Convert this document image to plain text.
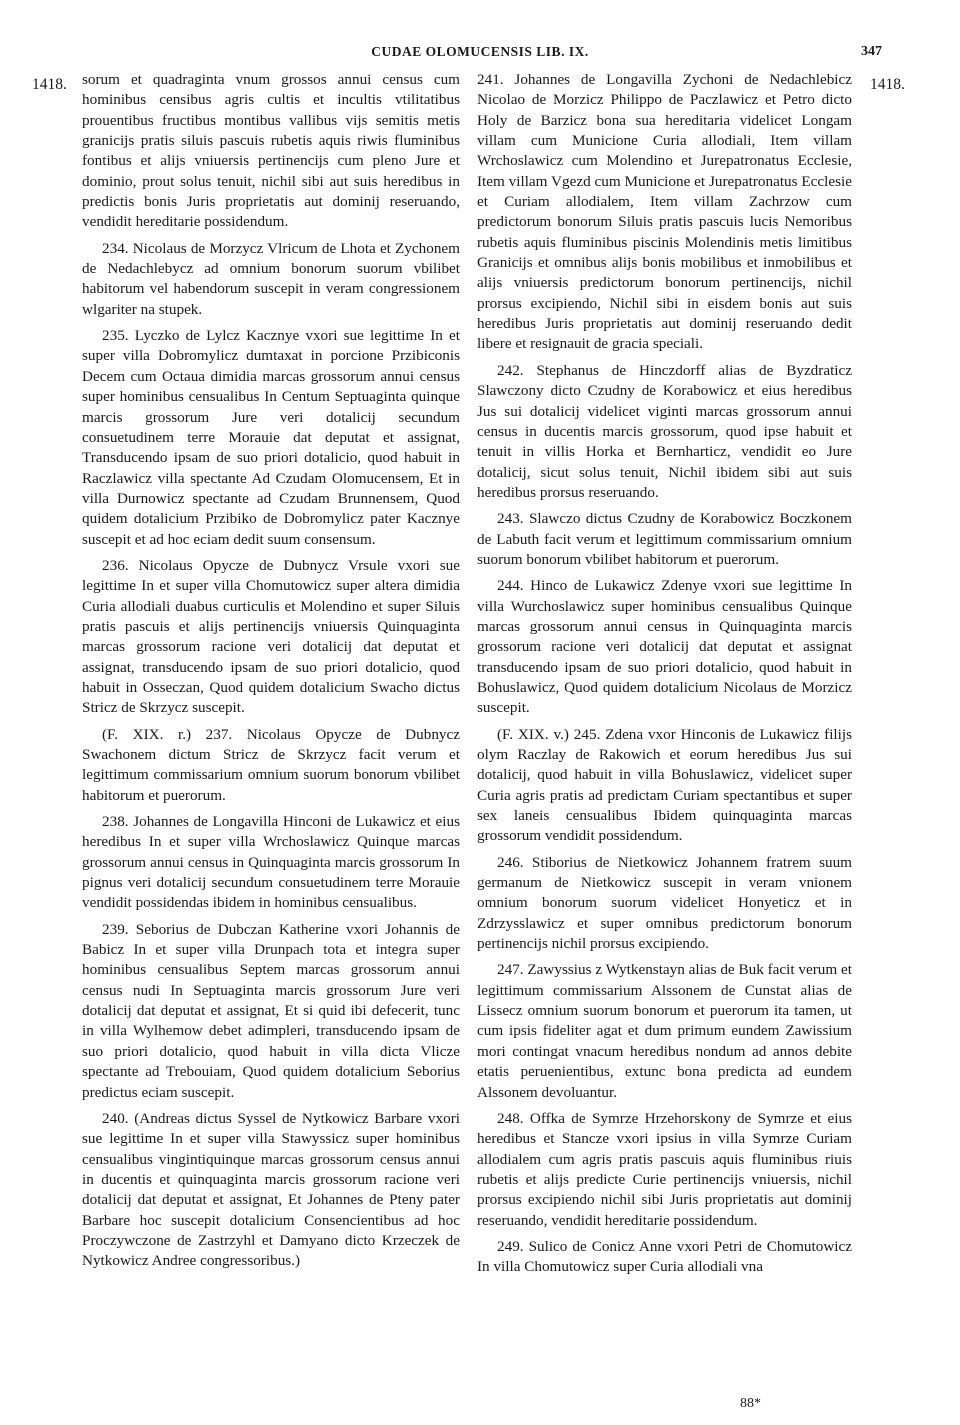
CUDAE OLOMUCENSIS LIB. IX.	347
1418.	1418.

sorum et quadraginta vnum grossos annui census cum hominibus censibus agris cultis et incultis vtilitatibus prouentibus fructibus montibus vallibus vijs semitis metis granicijs pratis siluis pascuis rubetis aquis riwis fluminibus fontibus et alijs vniuersis pertinencijs cum pleno Jure et dominio, prout solus tenuit, nichil sibi aut suis heredibus in predictis bonis Juris proprietatis aut dominij reseruando, vendidit hereditarie possidendum.

234. Nicolaus de Morzycz Vlricum de Lhota et Zychonem de Nedachlebycz ad omnium bonorum suorum vbilibet habitorum vel habendorum suscepit in veram congressionem wlgariter na stupek.

235. Lyczko de Lylcz Kacznye vxori sue legittime In et super villa Dobromylicz dumtaxat in porcione Przibiconis Decem cum Octaua dimidia marcas grossorum annui census super hominibus censualibus In Centum Septuaginta quinque marcis grossorum Jure veri dotalicij secundum consuetudinem terre Morauie dat deputat et assignat, Transducendo ipsam de suo priori dotalicio, quod habuit in Raczlawicz villa spectante Ad Czudam Olomucensem, Et in villa Durnowicz spectante ad Czudam Brunnensem, Quod quidem dotalicium Przibiko de Dobromylicz pater Kacznye suscepit et ad hoc eciam dedit suum consensum.

236. Nicolaus Opycze de Dubnycz Vrsule vxori sue legittime In et super villa Chomutowicz super altera dimidia Curia allodiali duabus curticulis et Molendino et super Siluis pratis pascuis et alijs pertinencijs vniuersis Quinquaginta marcas grossorum racione veri dotalicij dat deputat et assignat, transducendo ipsam de suo priori dotalicio, quod habuit in Osseczan, Quod quidem dotalicium Swacho dictus Stricz de Skrzycz suscepit.

(F. XIX. r.) 237. Nicolaus Opycze de Dubnycz Swachonem dictum Stricz de Skrzycz facit verum et legittimum commissarium omnium suorum bonorum vbilibet habitorum et puerorum.

238. Johannes de Longavilla Hinconi de Lukawicz et eius heredibus In et super villa Wrchoslawicz Quinque marcas grossorum annui census in Quinquaginta marcis grossorum In pignus veri dotalicij secundum consuetudinem terre Morauie vendidit possidendas ibidem in hominibus censualibus.

239. Seborius de Dubczan Katherine vxori Johannis de Babicz In et super villa Drunpach tota et integra super hominibus censualibus Septem marcas grossorum annui census nudi In Septuaginta marcis grossorum Jure veri dotalicij dat deputat et assignat, Et si quid ibi defecerit, tunc in villa Wylhemow debet adimpleri, transducendo ipsam de suo priori dotalicio, quod habuit in villa dicta Vlicze spectante ad Trebouiam, Quod quidem dotalicium Seborius predictus eciam suscepit.

240. (Andreas dictus Syssel de Nytkowicz Barbare vxori sue legittime In et super villa Stawyssicz super hominibus censualibus vingintiquinque marcas grossorum census annui in ducentis et quinquaginta marcis grossorum racione veri dotalicij dat deputat et assignat, Et Johannes de Pteny pater Barbare hoc suscepit dotalicium Consencientibus ad hoc Proczywczone de Zastrzyhl et Damyano dicto Krzeczek de Nytkowicz Andree congressoribus.)

241. Johannes de Longavilla Zychoni de Nedachlebicz Nicolao de Morzicz Philippo de Paczlawicz et Petro dicto Holy de Barzicz bona sua hereditaria videlicet Longam villam cum Municione Curia allodiali, Item villam Wrchoslawicz cum Molendino et Jurepatronatus Ecclesie, Item villam Vgezd cum Municione et Jurepatronatus Ecclesie et Curiam allodialem, Item villam Zachrzow cum predictorum bonorum Siluis pratis pascuis lucis Nemoribus rubetis aquis fluminibus piscinis Molendinis metis limitibus Granicijs et omnibus alijs bonis mobilibus et inmobilibus et alijs vniuersis predictorum bonorum pertinencijs, nichil prorsus excipiendo, Nichil sibi in eisdem bonis aut suis heredibus Juris proprietatis aut dominij reseruando dedit libere et resignauit de gracia speciali.

242. Stephanus de Hinczdorff alias de Byzdraticz Slawczony dicto Czudny de Korabowicz et eius heredibus Jus sui dotalicij videlicet viginti marcas grossorum annui census in ducentis marcis grossorum, quod ipse habuit et tenuit in villis Horka et Bernharticz, vendidit eo Jure dotalicij, sicut solus tenuit, Nichil ibidem sibi aut suis heredibus prorsus reseruando.

243. Slawczo dictus Czudny de Korabowicz Boczkonem de Labuth facit verum et legittimum commissarium omnium suorum bonorum vbilibet habitorum et puerorum.

244. Hinco de Lukawicz Zdenye vxori sue legittime In villa Wurchoslawicz super hominibus censualibus Quinque marcas grossorum annui census in Quinquaginta marcis grossorum racione veri dotalicij dat deputat et assignat transducendo ipsam de suo priori dotalicio, quod habuit in Bohuslawicz, Quod quidem dotalicium Nicolaus de Morzicz suscepit.

(F. XIX. v.) 245. Zdena vxor Hinconis de Lukawicz filijs olym Raczlay de Rakowich et eorum heredibus Jus sui dotalicij, quod habuit in villa Bohuslawicz, videlicet super Curia agris pratis ad predictam Curiam spectantibus et super sex laneis censualibus Ibidem quinquaginta marcas grossorum vendidit possidendum.

246. Stiborius de Nietkowicz Johannem fratrem suum germanum de Nietkowicz suscepit in veram vnionem omnium bonorum suorum videlicet Honyeticz et in Zdrzysslawicz et super omnibus predictorum bonorum pertinencijs nichil prorsus excipiendo.

247. Zawyssius z Wytkenstayn alias de Buk facit verum et legittimum commissarium Alssonem de Cunstat alias de Lissecz omnium suorum bonorum et puerorum ita tamen, ut cum ipsis fideliter agat et dum primum eundem Zawissium mori contingat vnacum heredibus nondum ad annos debite etatis peruenientibus, extunc bona predicta ad eundem Alssonem devoluantur.

248. Offka de Symrze Hrzehorskony de Symrze et eius heredibus et Stancze vxori ipsius in villa Symrze Curiam allodialem cum agris pratis pascuis aquis fluminibus riuis rubetis et alijs predicte Curie pertinencijs vniuersis, nichil prorsus excipiendo nichil sibi Juris proprietatis aut dominij reseruando, vendidit hereditarie possidendum.

249. Sulico de Conicz Anne vxori Petri de Chomutowicz In villa Chomutowicz super Curia allodiali vna

88*
